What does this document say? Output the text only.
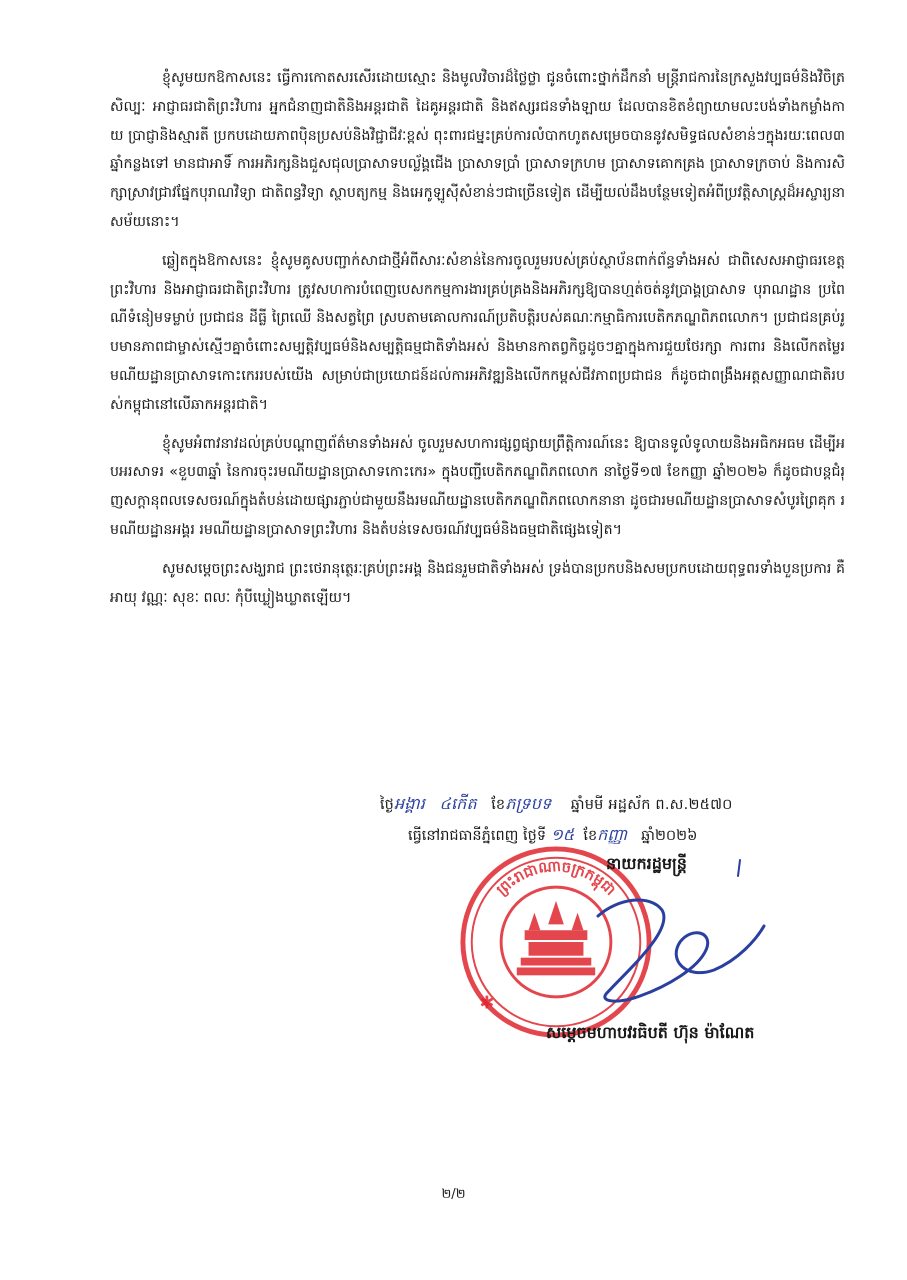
ខ្ញុំសូមយកឱកាសនេះ ធ្វើការកោតសរសើរដោយស្មោះ និងមូលវិចារដ៏ថ្លៃថ្លា ជូនចំពោះថ្នាក់ដឹកនាំ មន្ត្រីរាជការនៃក្រសួងវប្បធម៌និងវិចិត្រសិល្បៈ អាជ្ញាធរជាតិព្រះវិហារ អ្នកជំនាញជាតិនិងអន្តរជាតិ ដៃគូអន្តរជាតិ និងឥស្សរជនទាំងឡាយ ដែលបានខិតខំព្យាយាមលះបង់ទាំងកម្លាំងកាយ ប្រាជ្ញានិងស្មារតី ប្រកបដោយភាពប៉ិនប្រសប់និងវិជ្ជាជីវៈខ្ពស់ ពុះពារជម្នះគ្រប់ការលំបាកហូតសម្រេចបាននូវសមិទ្ធផលសំខាន់ៗក្នុងរយៈពេល៣ឆ្នាំកន្លងទៅ មានជាអាទិ៍ ការអភិរក្សនិងជួសជុលប្រាសាទបល្ល័ង្គជើង ប្រាសាទប្រាំ ប្រាសាទក្រហម ប្រាសាទគោកគ្រង ប្រាសាទក្រចាប់ និងការសិក្សាស្រាវជ្រាវផ្នែកបុរាណវិទ្យា ជាតិពន្ធវិទ្យា ស្ថាបត្យកម្ម និងអេកូឡូស៊ីសំខាន់ៗជាច្រើនទៀត ដើម្បីយល់ដឹងបន្ថែមទៀតអំពីប្រវត្តិសាស្ត្រដ៏អស្ចារ្យនាសម័យនោះ។

ឆ្លៀតក្នុងឱកាសនេះ ខ្ញុំសូមគូសបញ្ជាក់សាជាថ្មីអំពីសារៈសំខាន់នៃការចូលរួមរបស់គ្រប់ស្ថាប័នពាក់ព័ន្ធទាំងអស់ ជាពិសេសអាជ្ញាធរខេត្តព្រះវិហារ និងអាជ្ញាធរជាតិព្រះវិហារ ត្រូវសហការបំពេញបេសកកម្មការងារគ្រប់គ្រងនិងអភិរក្សឱ្យបានហ្មត់ចត់នូវប្រាង្គប្រាសាទ បុរាណដ្ឋាន ប្រពៃណីទំនៀមទម្លាប់ ប្រជាជន ដីធ្លី ព្រៃឈើ និងសត្វព្រៃ ស្របតាមគោលការណ៍ប្រតិបត្តិរបស់គណៈកម្មាធិការបេតិកភណ្ឌពិភពលោក។ ប្រជាជនគ្រប់រូបមានភាពជាម្ចាស់ស្មើៗគ្នាចំពោះសម្បត្តិវប្បធម៌និងសម្បត្តិធម្មជាតិទាំងអស់ និងមានកាតព្វកិច្ចដូចៗគ្នាក្នុងការជួយថែរក្សា ការពារ និងលើកតម្លៃរមណីយដ្ឋានប្រាសាទកោះកេររបស់យើង សម្រាប់ជាប្រយោជន៍ដល់ការអភិវឌ្ឍនិងលើកកម្ពស់ជីវភាពប្រជាជន ក៏ដូចជាពង្រឹងអត្តសញ្ញាណជាតិរបស់កម្ពុជានៅលើឆាកអន្តរជាតិ។

ខ្ញុំសូមអំពាវនាវដល់គ្រប់បណ្តាញព័ត៌មានទាំងអស់ ចូលរួមសហការផ្សព្វផ្សាយព្រឹត្តិការណ៍នេះ ឱ្យបានទូលំទូលាយនិងអធិកអធម ដើម្បីអបអរសាទរ «ខួប៣ឆ្នាំ នៃការចុះរមណីយដ្ឋានប្រាសាទកោះកេរ» ក្នុងបញ្ជីបេតិកភណ្ឌពិភពលោក នាថ្ងៃទី១៧ ខែកញ្ញា ឆ្នាំ២០២៦ ក៏ដូចជាបន្តជំរុញសក្តានុពលទេសចរណ៍ក្នុងតំបន់ដោយផ្សារភ្ជាប់ជាមួយនឹងរមណីយដ្ឋានបេតិកភណ្ឌពិភពលោកនានា ដូចជារមណីយដ្ឋានប្រាសាទសំបូរព្រៃគុក រមណីយដ្ឋានអង្គរ រមណីយដ្ឋានប្រាសាទព្រះវិហារ និងតំបន់ទេសចរណ៍វប្បធម៌និងធម្មជាតិផ្សេងទៀត។

សូមសម្តេចព្រះសង្ឃរាជ ព្រះថេរានុត្ថេរៈគ្រប់ព្រះអង្គ និងជនរួមជាតិទាំងអស់ ទ្រង់បានប្រកបនិងសមប្រកបដោយពុទ្ធពរទាំងបួនប្រការ គឺអាយុ វណ្ណៈ សុខៈ ពលៈ កុំបីឃ្លៀងឃ្លាតឡើយ។

ថ្ងៃអង្គារ ៤កើត ខែភទ្របទ ឆ្នាំមមី អដ្ឋស័ក ព.ស.២៥៧០
ធ្វើនៅរាជធានីភ្នំពេញ ថ្ងៃទី ១៥ ខែកញ្ញា ឆ្នាំ២០២៦
ព្រះរាជាណាចក្រកម្ពុជា
✱
នាយករដ្ឋមន្ត្រី
សម្តេចមហាបវរធិបតី ហ៊ុន ម៉ាណែត
២/២
